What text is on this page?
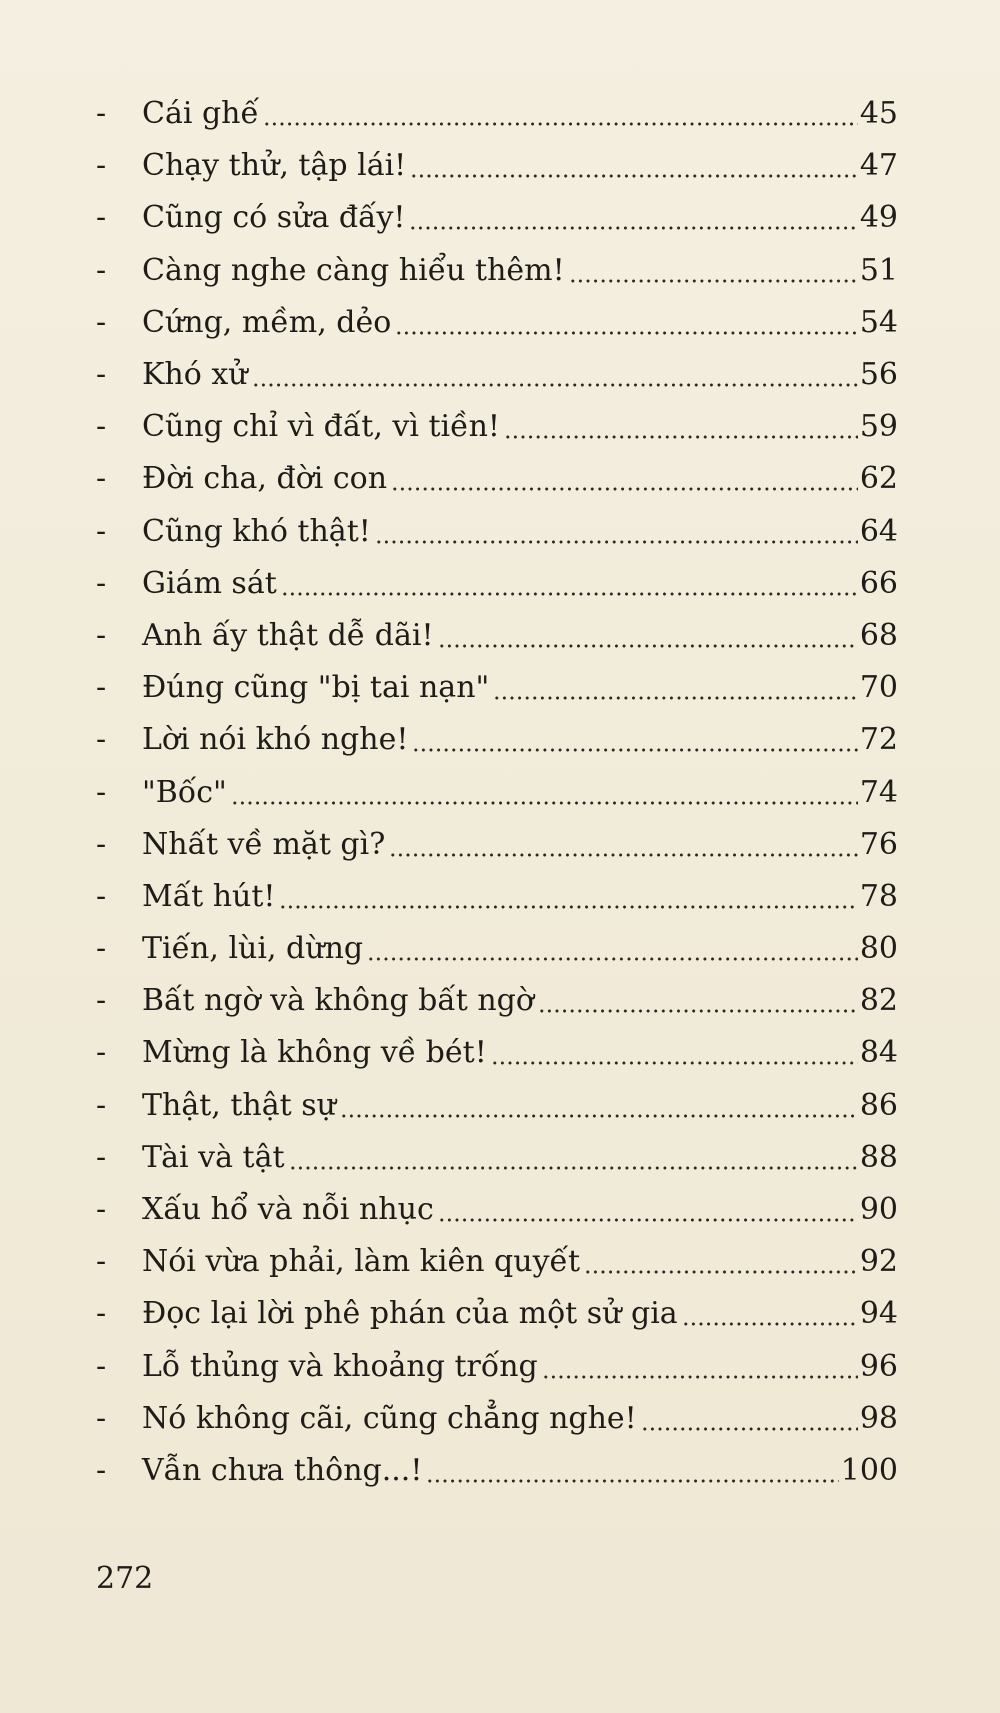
-	Cái ghế	45
-	Chạy thử, tập lái!	47
-	Cũng có sửa đấy!	49
-	Càng nghe càng hiểu thêm!	51
-	Cứng, mềm, dẻo	54
-	Khó xử	56
-	Cũng chỉ vì đất, vì tiền!	59
-	Đời cha, đời con	62
-	Cũng khó thật!	64
-	Giám sát	66
-	Anh ấy thật dễ dãi!	68
-	Đúng cũng "bị tai nạn"	70
-	Lời nói khó nghe!	72
-	"Bốc"	74
-	Nhất về mặt gì?	76
-	Mất hút!	78
-	Tiến, lùi, dừng	80
-	Bất ngờ và không bất ngờ	82
-	Mừng là không về bét!	84
-	Thật, thật sự	86
-	Tài và tật	88
-	Xấu hổ và nỗi nhục	90
-	Nói vừa phải, làm kiên quyết	92
-	Đọc lại lời phê phán của một sử gia	94
-	Lỗ thủng và khoảng trống	96
-	Nó không cãi, cũng chẳng nghe!	98
-	Vẫn chưa thông...!	100
272
